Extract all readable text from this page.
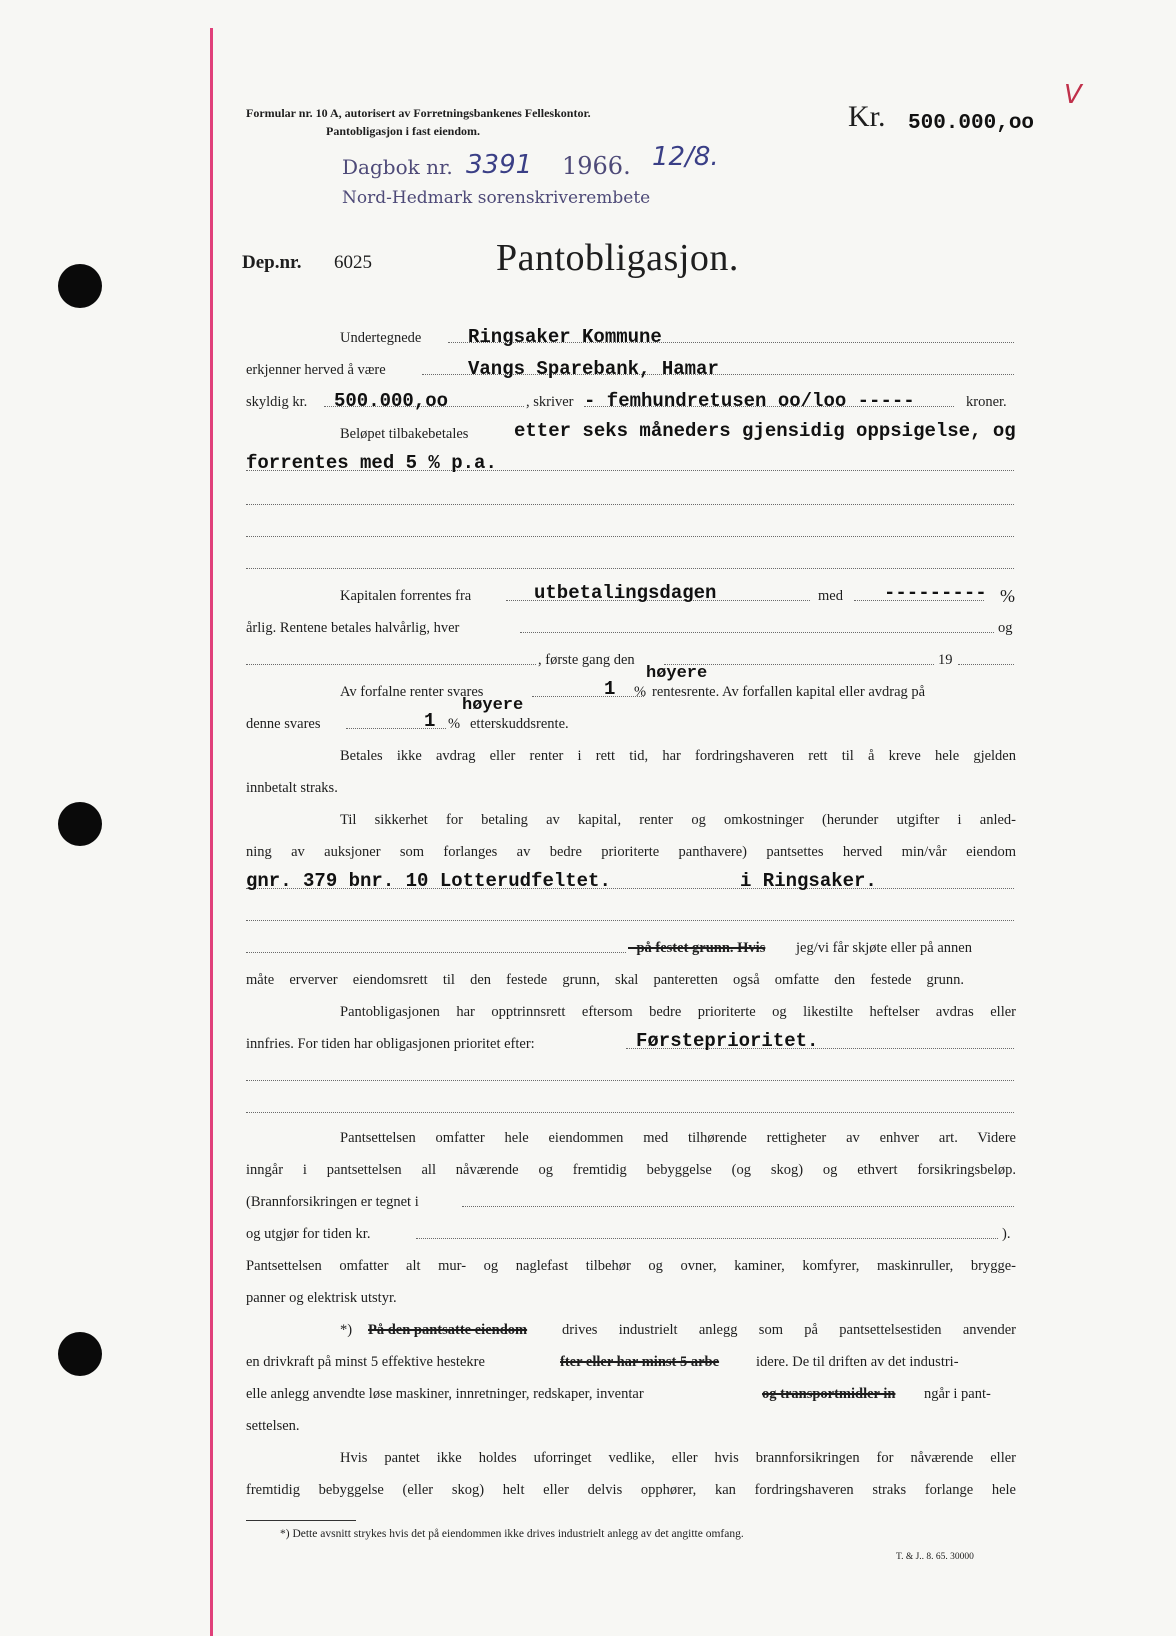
Formular nr. 10 A, autorisert av Forretningsbankenes Felleskontor.
Pantobligasjon i fast eiendom.	Kr. 500.000,oo
V
Dagbok nr. 3391 1966. 12/8.
Nord-Hedmark sorenskriverembete
Dep.nr. 6025	Pantobligasjon.
Undertegnede Ringsaker Kommune
erkjenner herved å være	Vangs Sparebank, Hamar
skyldig kr. 500.000,oo	, skriver - femhundretusen oo/loo -----	kroner.
Beløpet tilbakebetales etter seks måneders gjensidig oppsigelse, og
forrentes med 5 % p.a.
Kapitalen forrentes fra	utbetalingsdagen	med --------- %
årlig. Rentene betales halvårlig, hver	og
, første gang den	19
Av forfalne renter svares	1
høyere
% rentesrente. Av forfallen kapital eller avdrag på
denne svares	1
høyere
% etterskuddsrente.
Betales ikke avdrag eller renter i rett tid, har fordringshaveren rett til å kreve hele gjelden
innbetalt straks.
Til sikkerhet for betaling av kapital, renter og omkostninger (herunder utgifter i anled-
ning av auksjoner som forlanges av bedre prioriterte panthavere) pantsettes herved min/vår eiendom
gnr. 379 bnr. 10 Lotterudfeltet.	i Ringsaker.
- på festet grunn. Hvis jeg/vi får skjøte eller på annen
måte erverver eiendomsrett til den festede grunn, skal panteretten også omfatte den festede grunn.
Pantobligasjonen har opptrinnsrett eftersom bedre prioriterte og likestilte heftelser avdras eller
innfries. For tiden har obligasjonen prioritet efter:	Førsteprioritet.
Pantsettelsen omfatter hele eiendommen med tilhørende rettigheter av enhver art. Videre
inngår i pantsettelsen all nåværende og fremtidig bebyggelse (og skog) og ethvert forsikringsbeløp.
(Brannforsikringen er tegnet i
og utgjør for tiden kr.	).
Pantsettelsen omfatter alt mur- og naglefast tilbehør og ovner, kaminer, komfyrer, maskinruller, brygge-
panner og elektrisk utstyr.
*) På den pantsatte eiendom drives industrielt anlegg som på pantsettelsestiden anvender
en drivkraft på minst 5 effektive hestekre	fter eller har minst 5 arbe	idere. De til driften av det industri-
elle anlegg anvendte løse maskiner, innretninger, redskaper, inventar	og transportmidler in ngår i pant-
settelsen.
Hvis pantet ikke holdes uforringet vedlike, eller hvis brannforsikringen for nåværende eller
fremtidig bebyggelse (eller skog) helt eller delvis opphører, kan fordringshaveren straks forlange hele
*) Dette avsnitt strykes hvis det på eiendommen ikke drives industrielt anlegg av det angitte omfang.
T. & J.. 8. 65. 30000
